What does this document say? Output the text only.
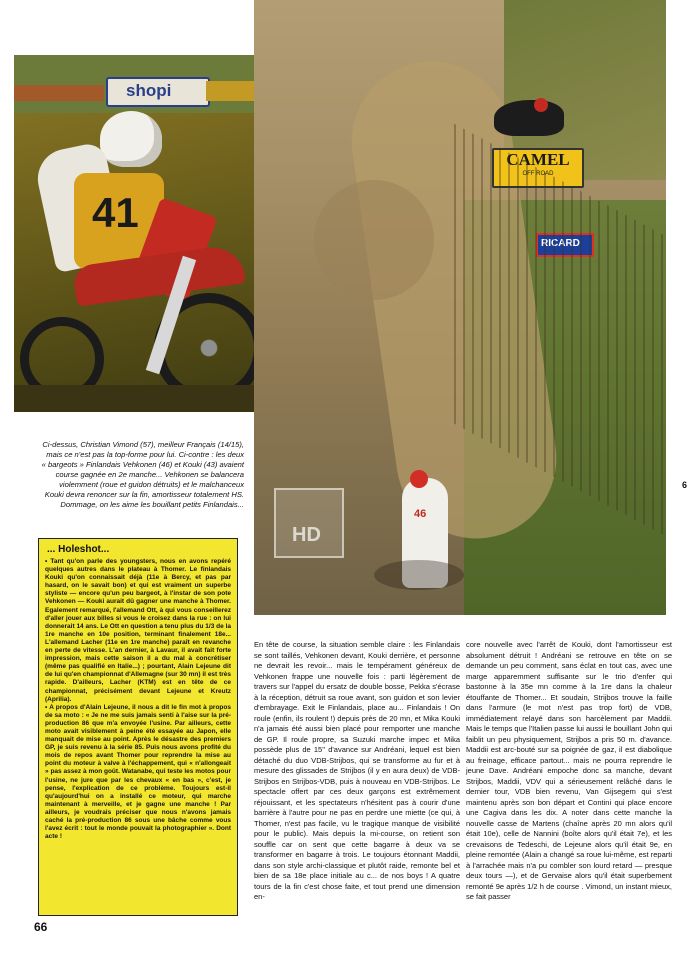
shopi
41
CAMEL
OFF ROAD
RICARD
46
HD

Ci-dessus, Christian Vimond (57), meilleur Français (14/15), mais ce n'est pas la top-forme pour lui. Ci-contre : les deux « bargeots » Finlandais Vehkonen (46) et Kouki (43) avaient course gagnée en 2e manche... Vehkonen se balancera violemment (roue et guidon détruits) et le malchanceux Kouki devra renoncer sur la fin, amortisseur totalement HS. Dommage, on les aime les bouillant petits Finlandais...

... Holeshot...

• Tant qu'on parle des youngsters, nous en avons repéré quelques autres dans le plateau à Thomer. Le finlandais Kouki qu'on connaissait déjà (11e à Bercy, et pas par hasard, on le savait bon) et qui est vraiment un superbe styliste — encore qu'un peu bargeot, à l'instar de son pote Vehkonen — Kouki aurait dû gagner une manche à Thomer. Egalement remarqué, l'allemand Ott, à qui vous conseillerez d'aller jouer aux billes si vous le croisez dans la rue : on lui donnerait 14 ans. Le Ott en question a tenu plus du 1/3 de la 1re manche en 10e position, terminant finalement 18e... L'allemand Lacher (11e en 1re manche) paraît en revanche en perte de vitesse. L'an dernier, à Lavaur, il avait fait forte impression, mais cette saison il a du mal à concrétiser (même pas qualifié en Italie...) ; pourtant, Alain Lejeune dit de lui qu'en championnat d'Allemagne (sur 30 mn) il est très rapide. D'ailleurs, Lacher (KTM) est en tête de ce championnat, précisément devant Lejeune et Kreutz (Aprilia).

• A propos d'Alain Lejeune, il nous a dit le fin mot à propos de sa moto : « Je ne me suis jamais senti à l'aise sur la pré-production 86 que m'a envoyée l'usine. Par ailleurs, cette moto avait visiblement à peine été essayée au Japon, elle manquait de mise au point. Après le désastre des premiers GP, je suis revenu à la série 85. Puis nous avons profité du mois de repos avant Thomer pour reprendre la mise au point du moteur à valve à l'échappement, qui « n'allongeait » pas assez à mon goût. Watanabe, qui teste les motos pour l'usine, ne jure que par les chevaux « en bas », c'est, je pense, l'explication de ce problème. Toujours est-il qu'aujourd'hui on a installé ce moteur, qui marche maintenant à merveille, et je gagne une manche ! Par ailleurs, je voudrais préciser que nous n'avons jamais caché la pré-production 86 sous une bâche comme vous l'avez écrit : tout le monde pouvait la photographier ». Dont acte !

En tête de course, la situation semble claire : les Finlandais se sont taillés, Vehkonen devant, Kouki derrière, et personne ne devrait les revoir... mais le tempérament généreux de Vehkonen frappe une nouvelle fois : parti légèrement de travers sur l'appel du ersatz de double bosse, Pekka s'écrase à la réception, détruit sa roue avant, son guidon et son levier d'embrayage. Exit le Finlandais, place au... Finlandais ! On roule (enfin, ils roulent !) depuis près de 20 mn, et Mika Kouki n'a jamais été aussi bien placé pour remporter une manche de GP. Il roule propre, sa Suzuki marche impec et Mika possède plus de 15'' d'avance sur Andréani, lequel est bien détaché du duo VDB-Strijbos, qui se transforme au fur et à mesure des glissades de Strijbos (il y en aura deux) de VDB-Strijbos en Strijbos-VDB, puis à nouveau en VDB-Strijbos. Le spectacle offert par ces deux garçons est extrêmement réjouissant, et les spectateurs n'hésitent pas à courir d'une barrière à l'autre pour ne pas en perdre une miette (ce qui, à Thomer, n'est pas facile, vu le tragique manque de visibilité pour le public). Mais depuis la mi-course, on retient son souffle car on sent que cette bagarre à deux va se transformer en bagarre à trois. Le toujours étonnant Maddii, dans son style archi-classique et plutôt raide, remonte bel et bien de sa 18e place initiale au c... de nos boys ! A quatre tours de la fin c'est chose faite, et tout prend une dimension en-

core nouvelle avec l'arrêt de Kouki, dont l'amortisseur est absolument détruit ! Andréani se retrouve en tête on se demande un peu comment, sans éclat en tout cas, avec une marge apparemment suffisante sur le trio d'enfer qui bastonne à la 35e mn comme à la 1re dans la chaleur étouffante de Thomer... Et soudain, Strijbos trouve la faille dans l'armure (le mot n'est pas trop fort) de VDB, immédiatement relayé dans son harcèlement par Maddii. Mais le temps que l'Italien passe lui aussi le bouillant John qui faiblit un peu physiquement, Strijbos a pris 50 m. d'avance. Maddii est arc-bouté sur sa poignée de gaz, il est diabolique au freinage, efficace partout... mais ne pourra reprendre le jeune Dave. Andréani empoche donc sa manche, devant Strijbos, Maddii, VDV qui a sérieusement relâché dans le dernier tour, VDB bien revenu, Van Gijsegem qui s'est maintenu après son bon départ et Contini qui place encore une Cagiva dans les dix. A noter dans cette manche la nouvelle casse de Martens (chaîne après 20 mn alors qu'il était 10e), celle de Nannini (boîte alors qu'il était 7e), et les crevaisons de Tedeschi, de Lejeune alors qu'il était 9e, en pleine remontée (Alain a changé sa roue lui-même, est reparti à l'arrachée mais n'a pu combler son lourd retard — presque deux tours —), et de Gervaise alors qu'il était superbement remonté 9e après 1/2 h de course . Vimond, un instant mieux, se fait passer

66
6
